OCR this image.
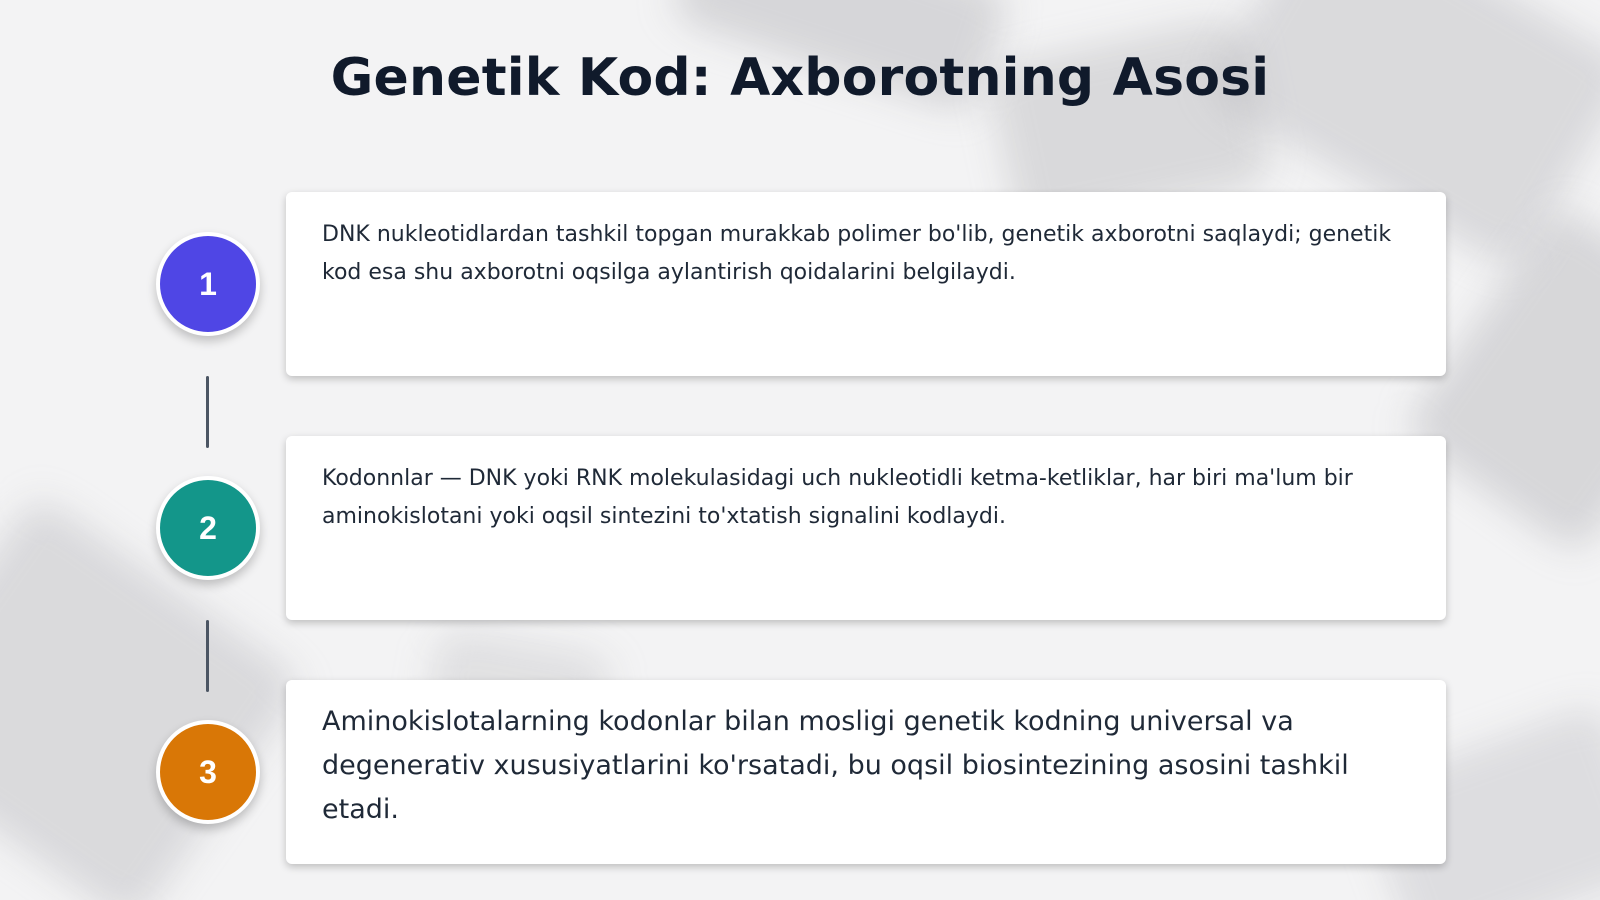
Genetik Kod: Axborotning Asosi
1
2
3

DNK nukleotidlardan tashkil topgan murakkab polimer bo'lib, genetik axborotni saqlaydi; genetik kod esa shu axborotni oqsilga aylantirish qoidalarini belgilaydi.

Kodonnlar — DNK yoki RNK molekulasidagi uch nukleotidli ketma-ketliklar, har biri ma'lum bir aminokislotani yoki oqsil sintezini to'xtatish signalini kodlaydi.

Aminokislotalarning kodonlar bilan mosligi genetik kodning universal va degenerativ xususiyatlarini ko'rsatadi, bu oqsil biosintezining asosini tashkil etadi.
